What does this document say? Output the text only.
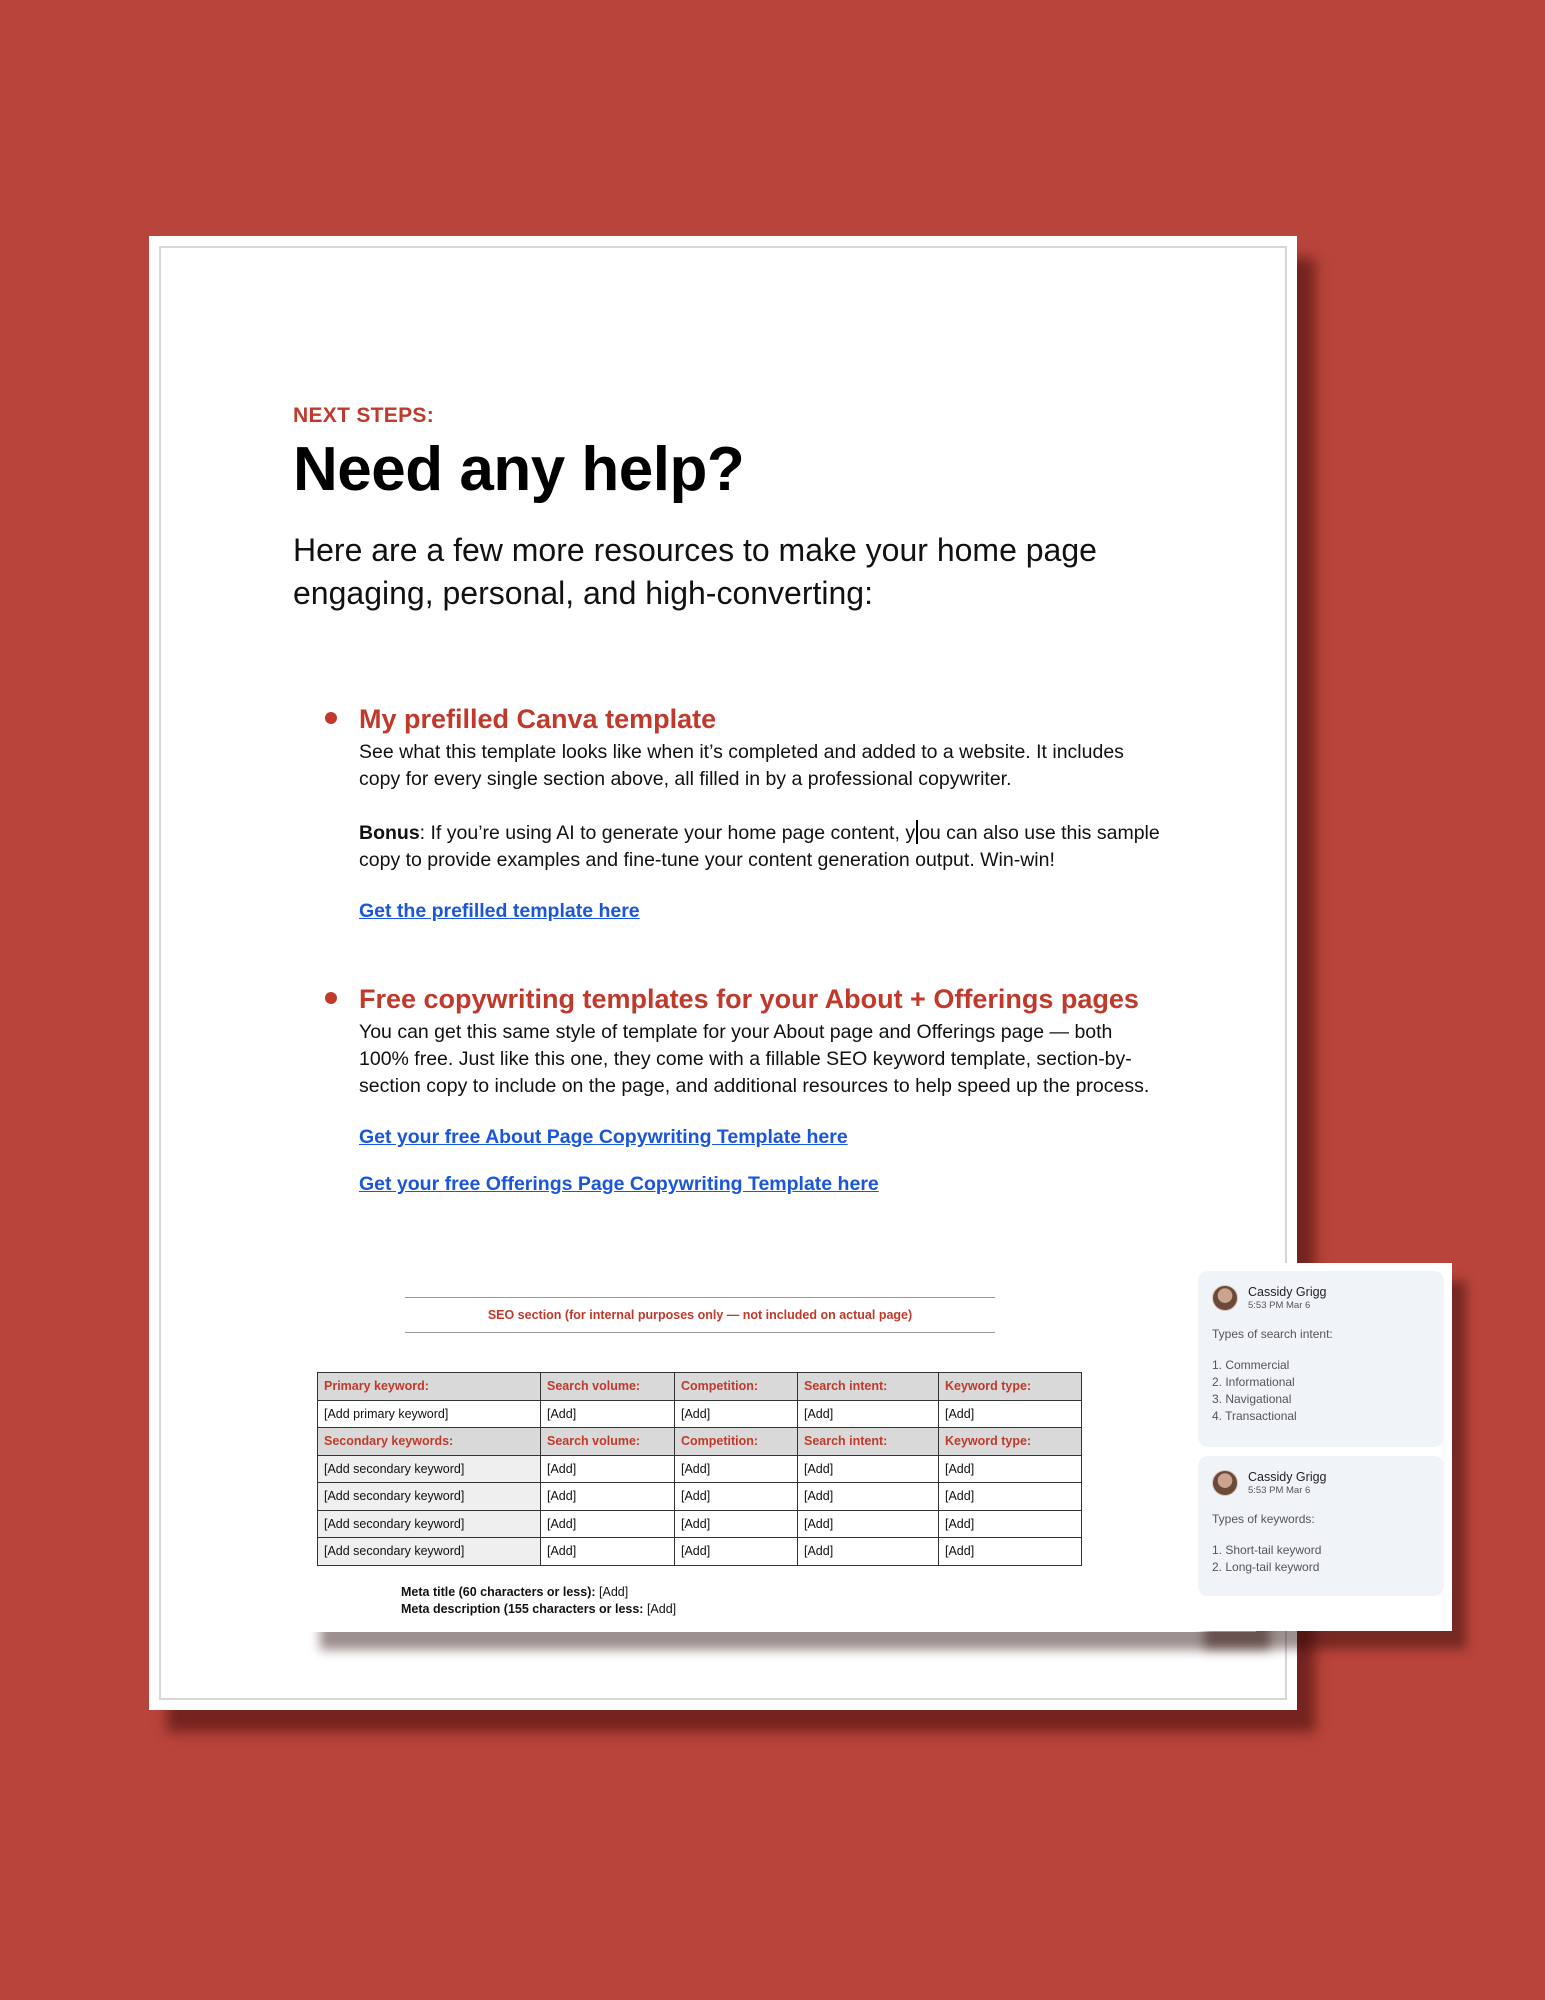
NEXT STEPS:
Need any help?
Here are a few more resources to make your home page engaging, personal, and high-converting:
My prefilled Canva template
See what this template looks like when it’s completed and added to a website. It includes copy for every single section above, all filled in by a professional copywriter.
Bonus: If you’re using AI to generate your home page content, y ou can also use this sample copy to provide examples and fine-tune your content generation output. Win-win!
Get the prefilled template here
Free copywriting templates for your About + Offerings pages
You can get this same style of template for your About page and Offerings page — both 100% free. Just like this one, they come with a fillable SEO keyword template, section-by-section copy to include on the page, and additional resources to help speed up the process.
Get your free About Page Copywriting Template here
Get your free Offerings Page Copywriting Template here
SEO section (for internal purposes only — not included on actual page)
Primary keyword:	Search volume:	Competition:	Search intent:	Keyword type:
[Add primary keyword]	[Add]	[Add]	[Add]	[Add]
Secondary keywords:	Search volume:	Competition:	Search intent:	Keyword type:
[Add secondary keyword]	[Add]	[Add]	[Add]	[Add]
[Add secondary keyword]	[Add]	[Add]	[Add]	[Add]
[Add secondary keyword]	[Add]	[Add]	[Add]	[Add]
[Add secondary keyword]	[Add]	[Add]	[Add]	[Add]
Meta title (60 characters or less): [Add]
Meta description (155 characters or less: [Add]
Cassidy Grigg
5:53 PM Mar 6
Types of search intent:
1. Commercial
2. Informational
3. Navigational
4. Transactional
Cassidy Grigg
5:53 PM Mar 6
Types of keywords:
1. Short-tail keyword
2. Long-tail keyword
